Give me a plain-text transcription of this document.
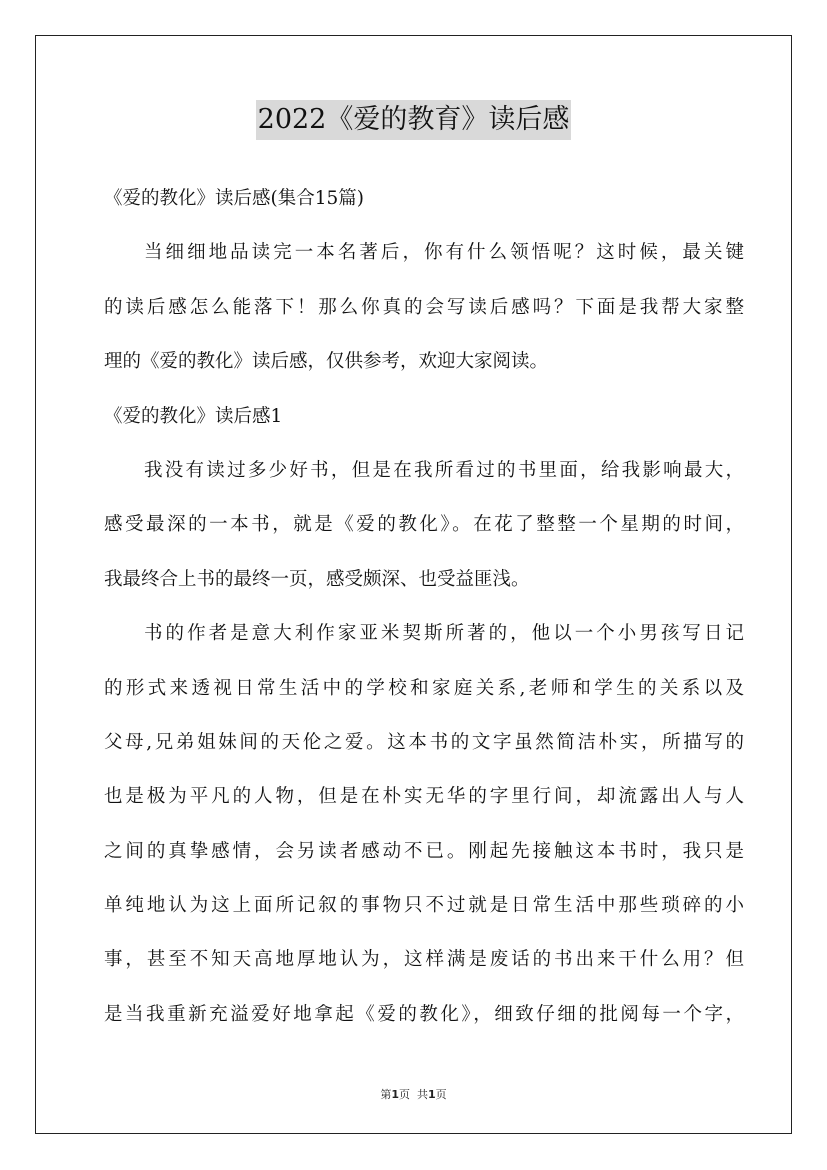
2022《爱的教育》读后感
《爱的教化》读后感(集合15篇)
当细细地品读完一本名著后，你有什么领悟呢？这时候，最关键
的读后感怎么能落下！那么你真的会写读后感吗？下面是我帮大家整
理的《爱的教化》读后感，仅供参考，欢迎大家阅读。
《爱的教化》读后感1
我没有读过多少好书，但是在我所看过的书里面，给我影响最大，
感受最深的一本书，就是《爱的教化》。在花了整整一个星期的时间，
我最终合上书的最终一页，感受颇深、也受益匪浅。
书的作者是意大利作家亚米契斯所著的，他以一个小男孩写日记
的形式来透视日常生活中的学校和家庭关系,老师和学生的关系以及
父母,兄弟姐妹间的天伦之爱。这本书的文字虽然简洁朴实，所描写的
也是极为平凡的人物，但是在朴实无华的字里行间，却流露出人与人
之间的真挚感情，会另读者感动不已。刚起先接触这本书时，我只是
单纯地认为这上面所记叙的事物只不过就是日常生活中那些琐碎的小
事，甚至不知天高地厚地认为，这样满是废话的书出来干什么用？但
是当我重新充溢爱好地拿起《爱的教化》，细致仔细的批阅每一个字，
第1页  共1页
